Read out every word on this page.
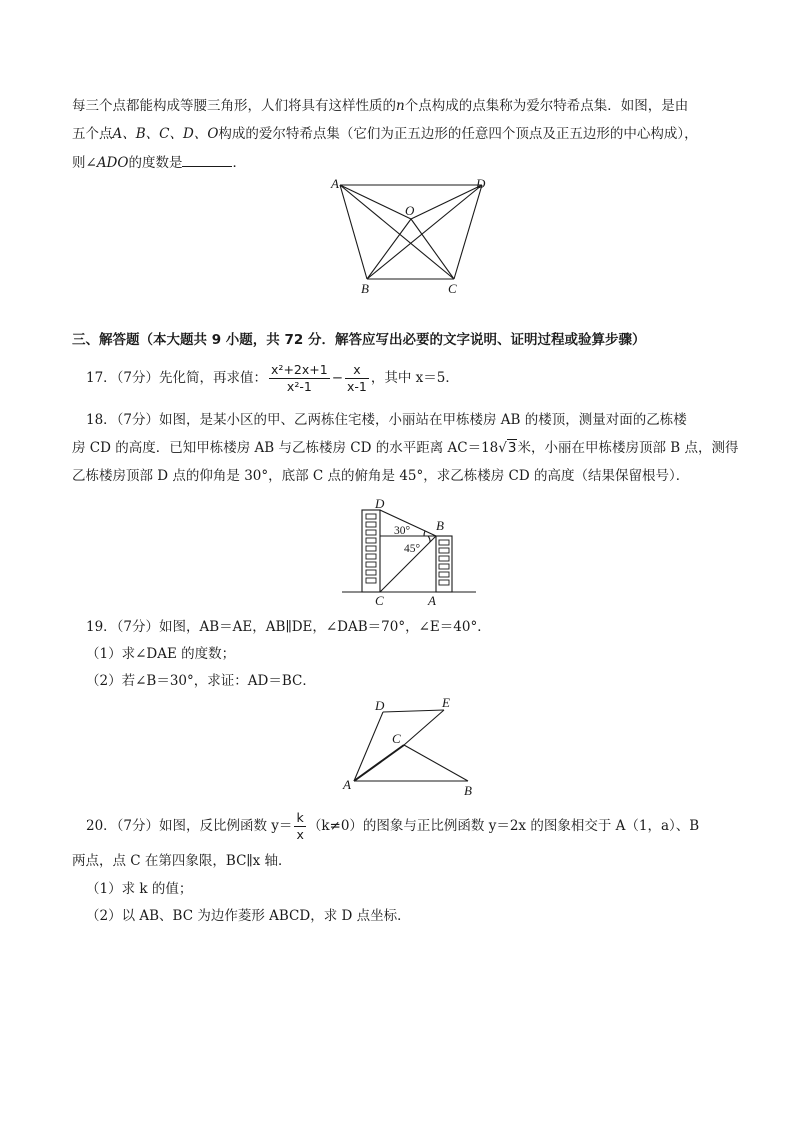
每三个点都能构成等腰三角形，人们将具有这样性质的n个点构成的点集称为爱尔特希点集．如图，是由
五个点A、B、C、D、O构成的爱尔特希点集（它们为正五边形的任意四个顶点及正五边形的中心构成），
则∠ADO的度数是	．
A	D
O
B	C
三、解答题（本大题共 9 小题，共 72 分．解答应写出必要的文字说明、证明过程或验算步骤）
17．（7分）先化简，再求值： $\frac{\text{x²+2x+1}}{\text{x²-1}} - \frac{x}{x-1}$ ，其中 x＝5．
18．（7分）如图，是某小区的甲、乙两栋住宅楼，小丽站在甲栋楼房 AB 的楼顶，测量对面的乙栋楼
房 CD 的高度．已知甲栋楼房 AB 与乙栋楼房 CD 的水平距离 AC＝18√3米，小丽在甲栋楼房顶部 B 点，测得
乙栋楼房顶部 D 点的仰角是 30°，底部 C 点的俯角是 45°，求乙栋楼房 CD 的高度（结果保留根号）．
D
B
C	A
30°
45°
19．（7分）如图，AB＝AE，AB∥DE，∠DAB＝70°，∠E＝40°．
（1）求∠DAE 的度数；
（2）若∠B＝30°，求证：AD＝BC．
D	E
C
A	B
20．（7分）如图，反比例函数 $y= \frac{k}{x} (k\ne 0)$的图象与正比例函数 y＝2x 的图象相交于 A（1，a）、B
两点，点 C 在第四象限，BC∥x 轴．
（1）求 k 的值；
（2）以 AB、BC 为边作菱形 ABCD，求 D 点坐标．
